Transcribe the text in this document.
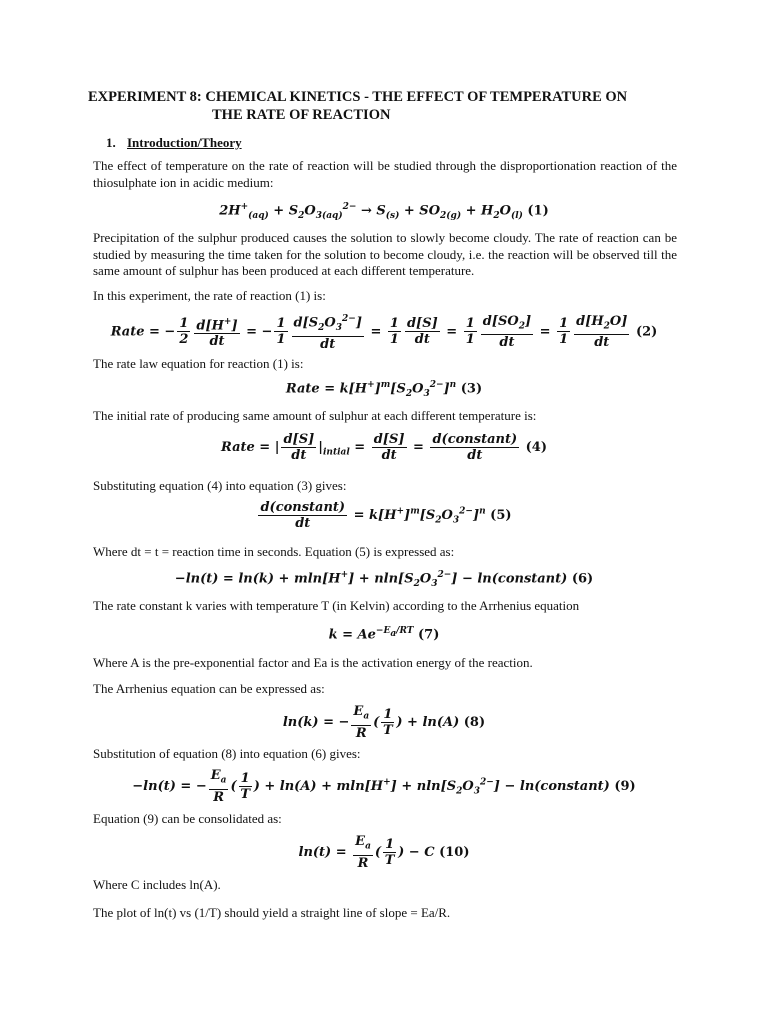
EXPERIMENT 8: CHEMICAL KINETICS - THE EFFECT OF TEMPERATURE ON
THE RATE OF REACTION
1. Introduction/Theory
The effect of temperature on the rate of reaction will be studied through the disproportionation reaction of the thiosulphate ion in acidic medium:
$2H^+_{(aq)} + S_2O_{3(aq)}^{2-} \to S_{(s)} + SO_{2(g)} + H_2O_{(l)}$ (1)
Precipitation of the sulphur produced causes the solution to slowly become cloudy. The rate of reaction can be studied by measuring the time taken for the solution to become cloudy, i.e. the reaction will be observed till the same amount of sulphur has been produced at each different temperature.
In this experiment, the rate of reaction (1) is:
Rate = − $\frac{1}{2} \frac{d[H^+]}{dt}$ = − $\frac{1}{1} \frac{d[S_2O_3^{2-}]}{dt} = \frac{1}{1} \frac{d[S]}{dt} = \frac{1}{1} \frac{d[SO_2]}{dt} = \frac{1}{1} \frac{d[H_2O]}{dt} (2)$
The rate law equation for reaction (1) is:
Rate = $k[H^+]^m[S_2O_3^{2-}]^n$ (3)
The initial rate of producing same amount of sulphur at each different temperature is:
Rate = | $\frac{d[S]}{dt} |_{intial} = \frac{d[S]}{dt} = \frac{\text{d(constant)}}{dt} (4)$
Substituting equation (4) into equation (3) gives:
$\frac{\text{d(constant)}}{dt} = k[H^+]^m[S_2O_3^{2-}]^n$ (5)
Where dt = t = reaction time in seconds. Equation (5) is expressed as:
$-\ln(t) = \ln(k) + mln[H^+] + nln[S_2O_3^{2-}]$ − ln(constant) (6)
The rate constant k varies with temperature T (in Kelvin) according to the Arrhenius equation
$k = Ae^{-E_a/RT}$ (7)
Where A is the pre-exponential factor and Ea is the activation energy of the reaction.
The Arrhenius equation can be expressed as:
ln(k) = − $\frac{E_a}{R}$ ( $\frac{1}{T}$ ) + ln(A) (8)
Substitution of equation (8) into equation (6) gives:
−ln(t) = − $\frac{E_a}{R}$ ( $\frac{1}{T}$ ) + $\ln(A) + mln[H^+] + nln[S_2O_3^{2-}]$ − ln(constant) (9)
Equation (9) can be consolidated as:
$\ln(t) = \frac{E_a}{R}$ ( $\frac{1}{T}$ ) − C (10)
Where C includes ln(A).
The plot of ln(t) vs (1/T) should yield a straight line of slope = Ea/R.
